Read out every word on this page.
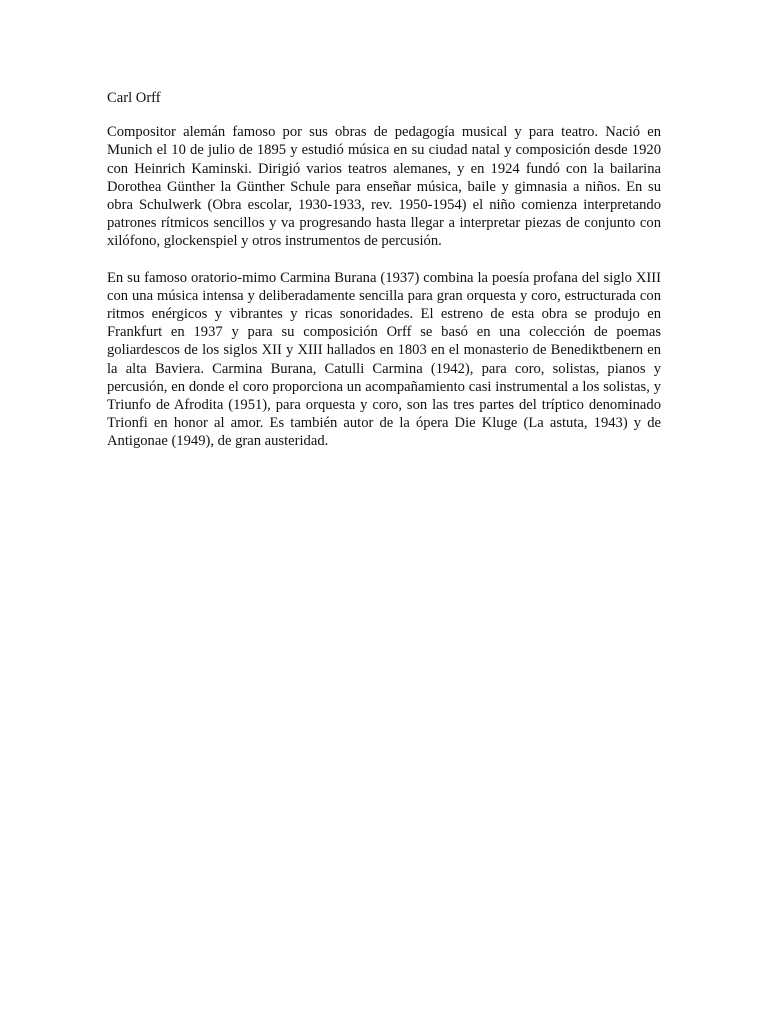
Carl Orff

Compositor alemán famoso por sus obras de pedagogía musical y para teatro. Nació en Munich el 10 de julio de 1895 y estudió música en su ciudad natal y composición desde 1920 con Heinrich Kaminski. Dirigió varios teatros alemanes, y en 1924 fundó con la bailarina Dorothea Günther la Günther Schule para enseñar música, baile y gimnasia a niños. En su obra Schulwerk (Obra escolar, 1930-1933, rev. 1950-1954) el niño comienza interpretando patrones rítmicos sencillos y va progresando hasta llegar a interpretar piezas de conjunto con xilófono, glockenspiel y otros instrumentos de percusión.

En su famoso oratorio-mimo Carmina Burana (1937) combina la poesía profana del siglo XIII con una música intensa y deliberadamente sencilla para gran orquesta y coro, estructurada con ritmos enérgicos y vibrantes y ricas sonoridades. El estreno de esta obra se produjo en Frankfurt en 1937 y para su composición Orff se basó en una colección de poemas goliardescos de los siglos XII y XIII hallados en 1803 en el monasterio de Benediktbenern en la alta Baviera. Carmina Burana, Catulli Carmina (1942), para coro, solistas, pianos y percusión, en donde el coro proporciona un acompañamiento casi instrumental a los solistas, y Triunfo de Afrodita (1951), para orquesta y coro, son las tres partes del tríptico denominado Trionfi en honor al amor. Es también autor de la ópera Die Kluge (La astuta, 1943) y de Antigonae (1949), de gran austeridad.
